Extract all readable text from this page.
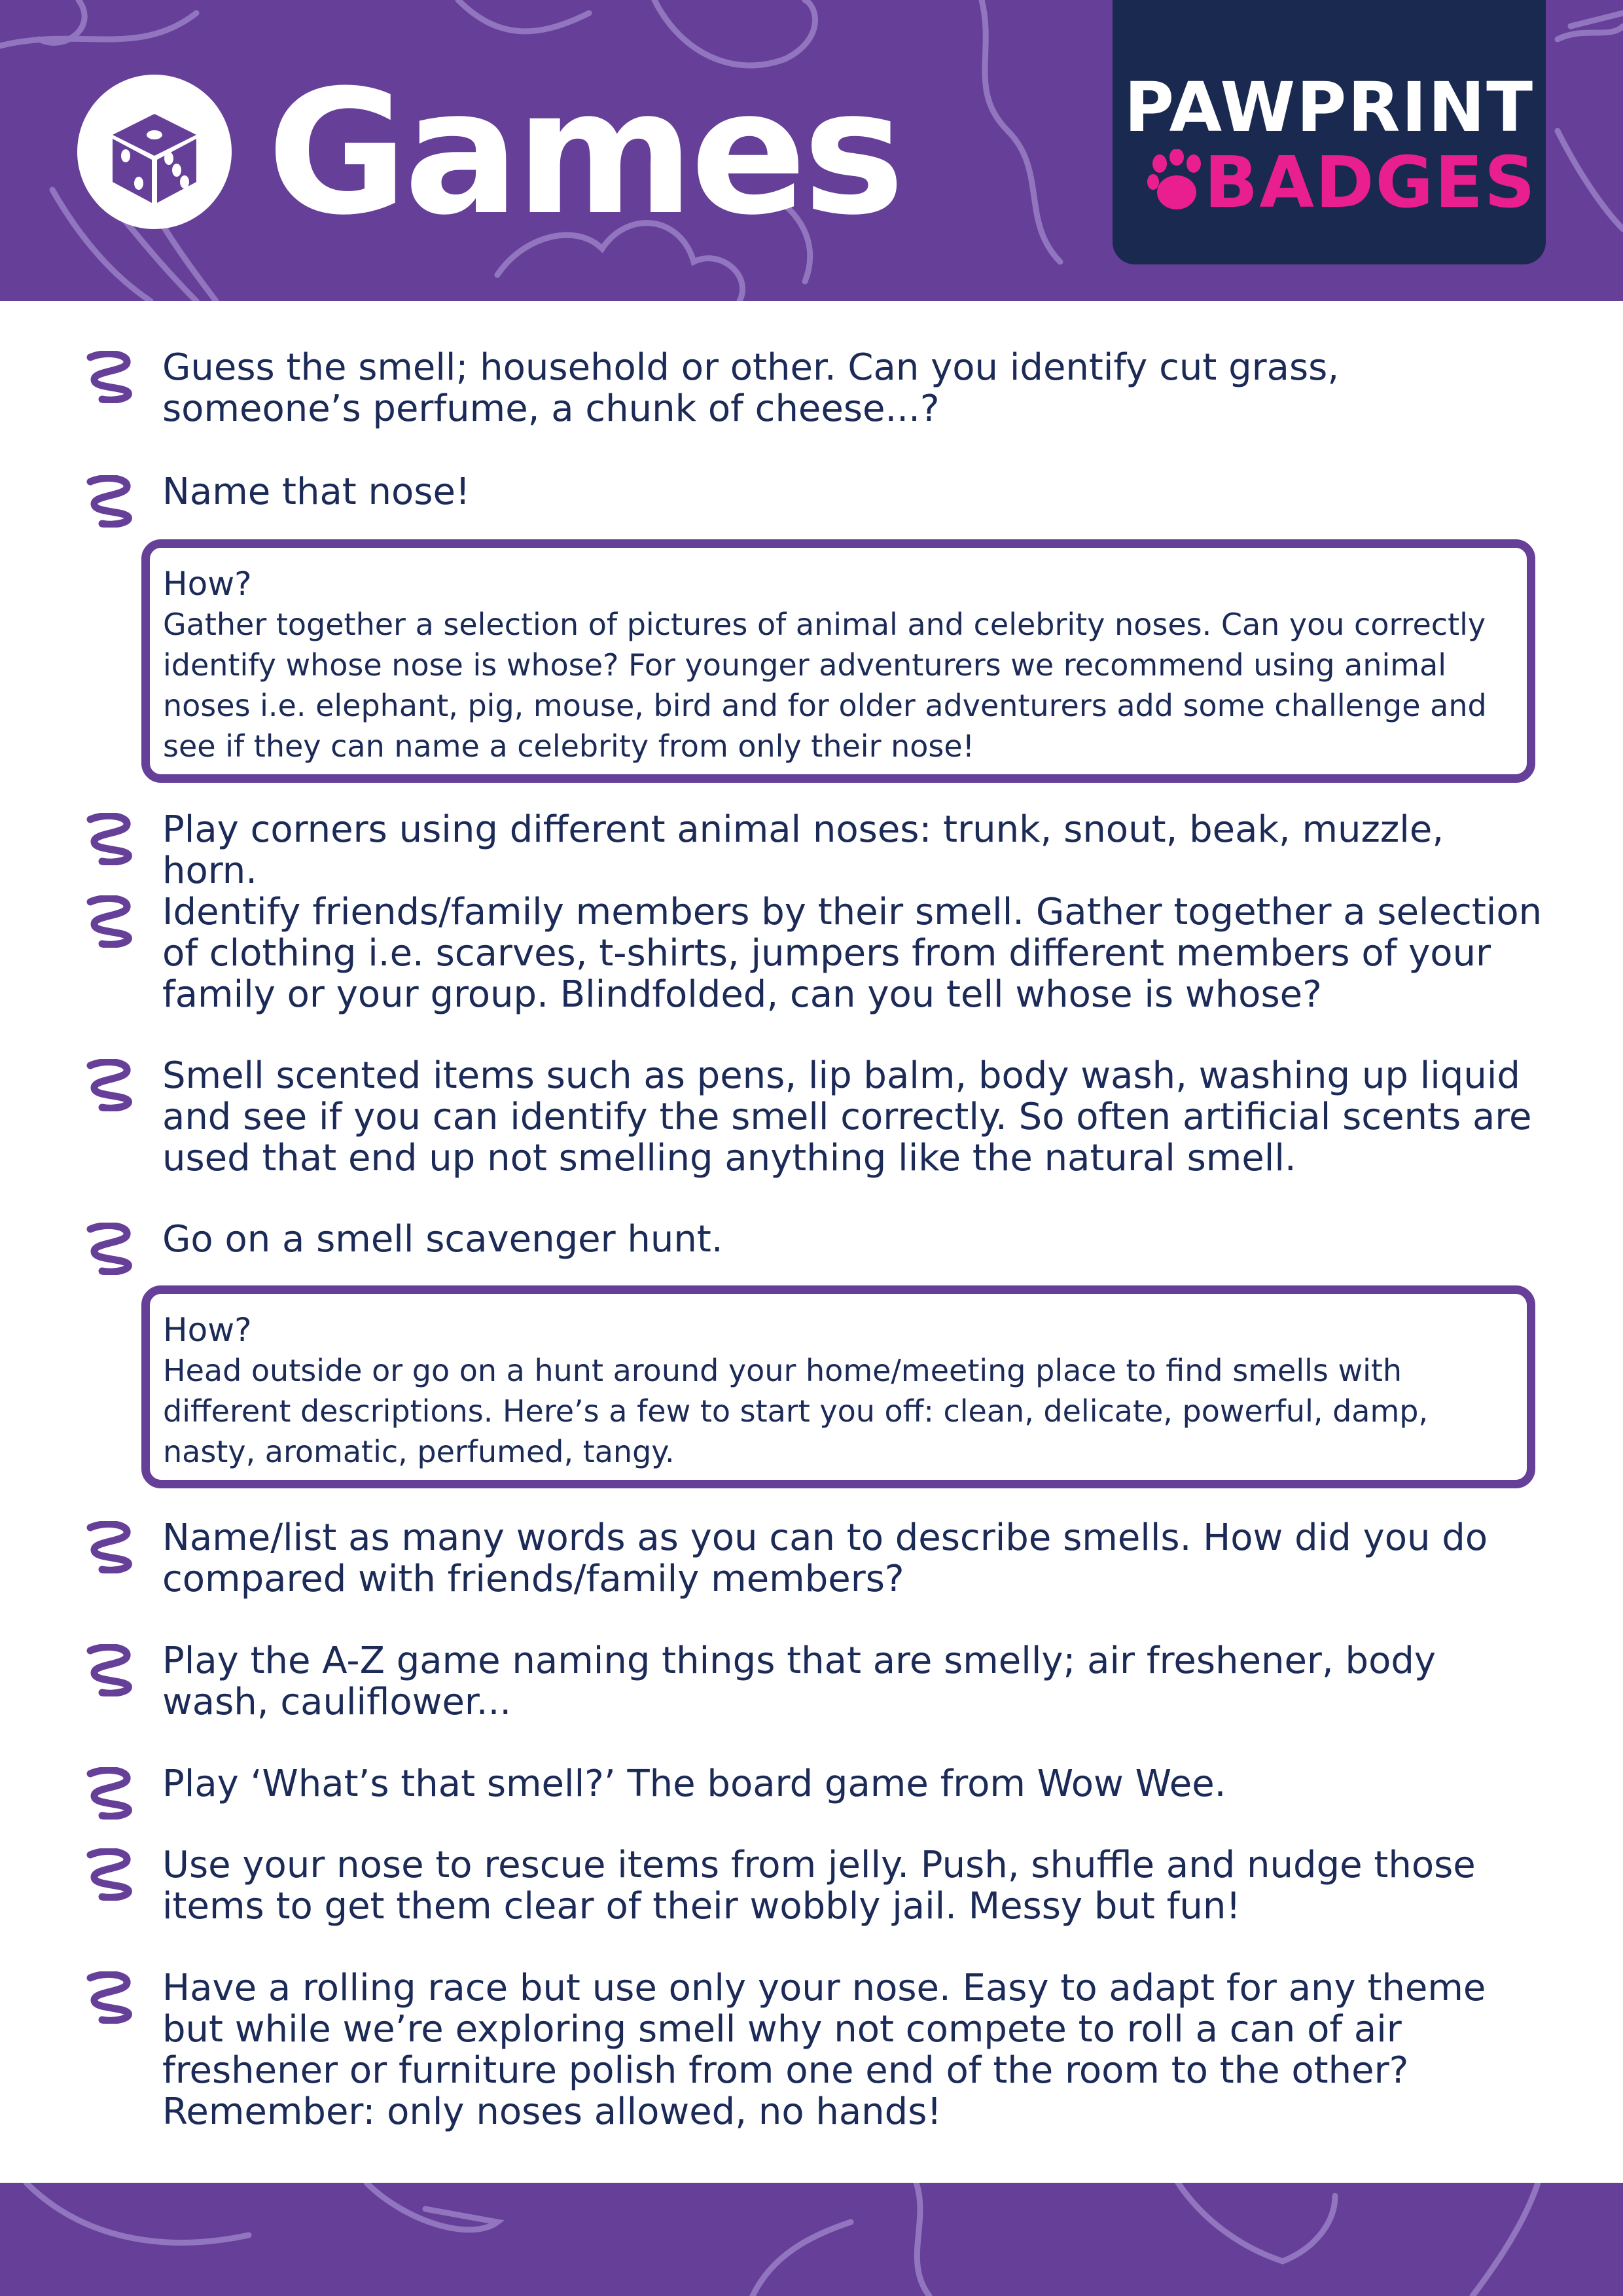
Games	PAWPRINT
BADGES

Guess the smell; household or other. Can you identify cut grass, someone’s perfume, a chunk of cheese...?

Name that nose!

How?

Gather together a selection of pictures of animal and celebrity noses. Can you correctly identify whose nose is whose? For younger adventurers we recommend using animal noses i.e. elephant, pig, mouse, bird and for older adventurers add some challenge and see if they can name a celebrity from only their nose!

Play corners using different animal noses: trunk, snout, beak, muzzle, horn.

Identify friends/family members by their smell. Gather together a selection of clothing i.e. scarves, t-shirts, jumpers from different members of your family or your group. Blindfolded, can you tell whose is whose?

Smell scented items such as pens, lip balm, body wash, washing up liquid and see if you can identify the smell correctly. So often artificial scents are used that end up not smelling anything like the natural smell.

Go on a smell scavenger hunt.

How?

Head outside or go on a hunt around your home/meeting place to find smells with different descriptions. Here’s a few to start you off: clean, delicate, powerful, damp, nasty, aromatic, perfumed, tangy.

Name/list as many words as you can to describe smells. How did you do compared with friends/family members?

Play the A-Z game naming things that are smelly; air freshener, body wash, cauliflower...

Play ‘What’s that smell?’ The board game from Wow Wee.

Use your nose to rescue items from jelly. Push, shuffle and nudge those items to get them clear of their wobbly jail. Messy but fun!

Have a rolling race but use only your nose. Easy to adapt for any theme but while we’re exploring smell why not compete to roll a can of air freshener or furniture polish from one end of the room to the other? Remember: only noses allowed, no hands!
